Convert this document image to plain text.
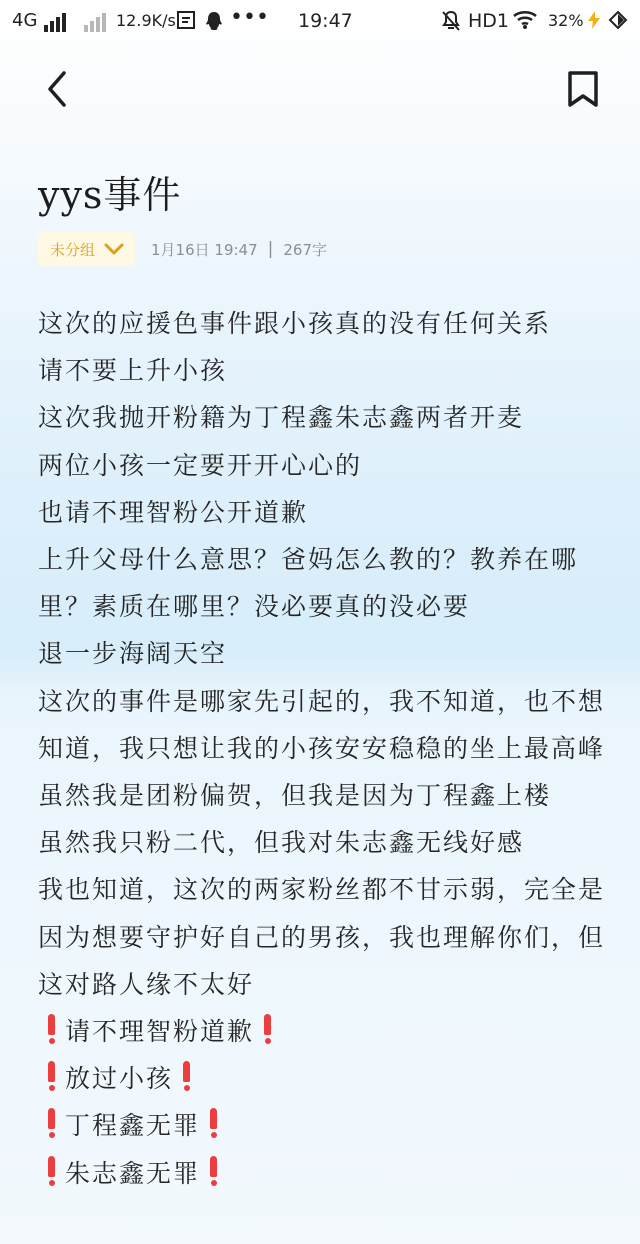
4G	12.9K/s ••• 19:47	HD1 32%
yys事件
未分组	1月16日 19:47 | 267字

这次的应援色事件跟小孩真的没有任何关系

请不要上升小孩

这次我抛开粉籍为丁程鑫朱志鑫两者开麦

两位小孩一定要开开心心的

也请不理智粉公开道歉

上升父母什么意思？爸妈怎么教的？教养在哪里？素质在哪里？没必要真的没必要

退一步海阔天空

这次的事件是哪家先引起的，我不知道，也不想知道，我只想让我的小孩安安稳稳的坐上最高峰

虽然我是团粉偏贺，但我是因为丁程鑫上楼

虽然我只粉二代，但我对朱志鑫无线好感

我也知道，这次的两家粉丝都不甘示弱，完全是因为想要守护好自己的男孩，我也理解你们，但这对路人缘不太好

请不理智粉道歉

放过小孩

丁程鑫无罪

朱志鑫无罪
